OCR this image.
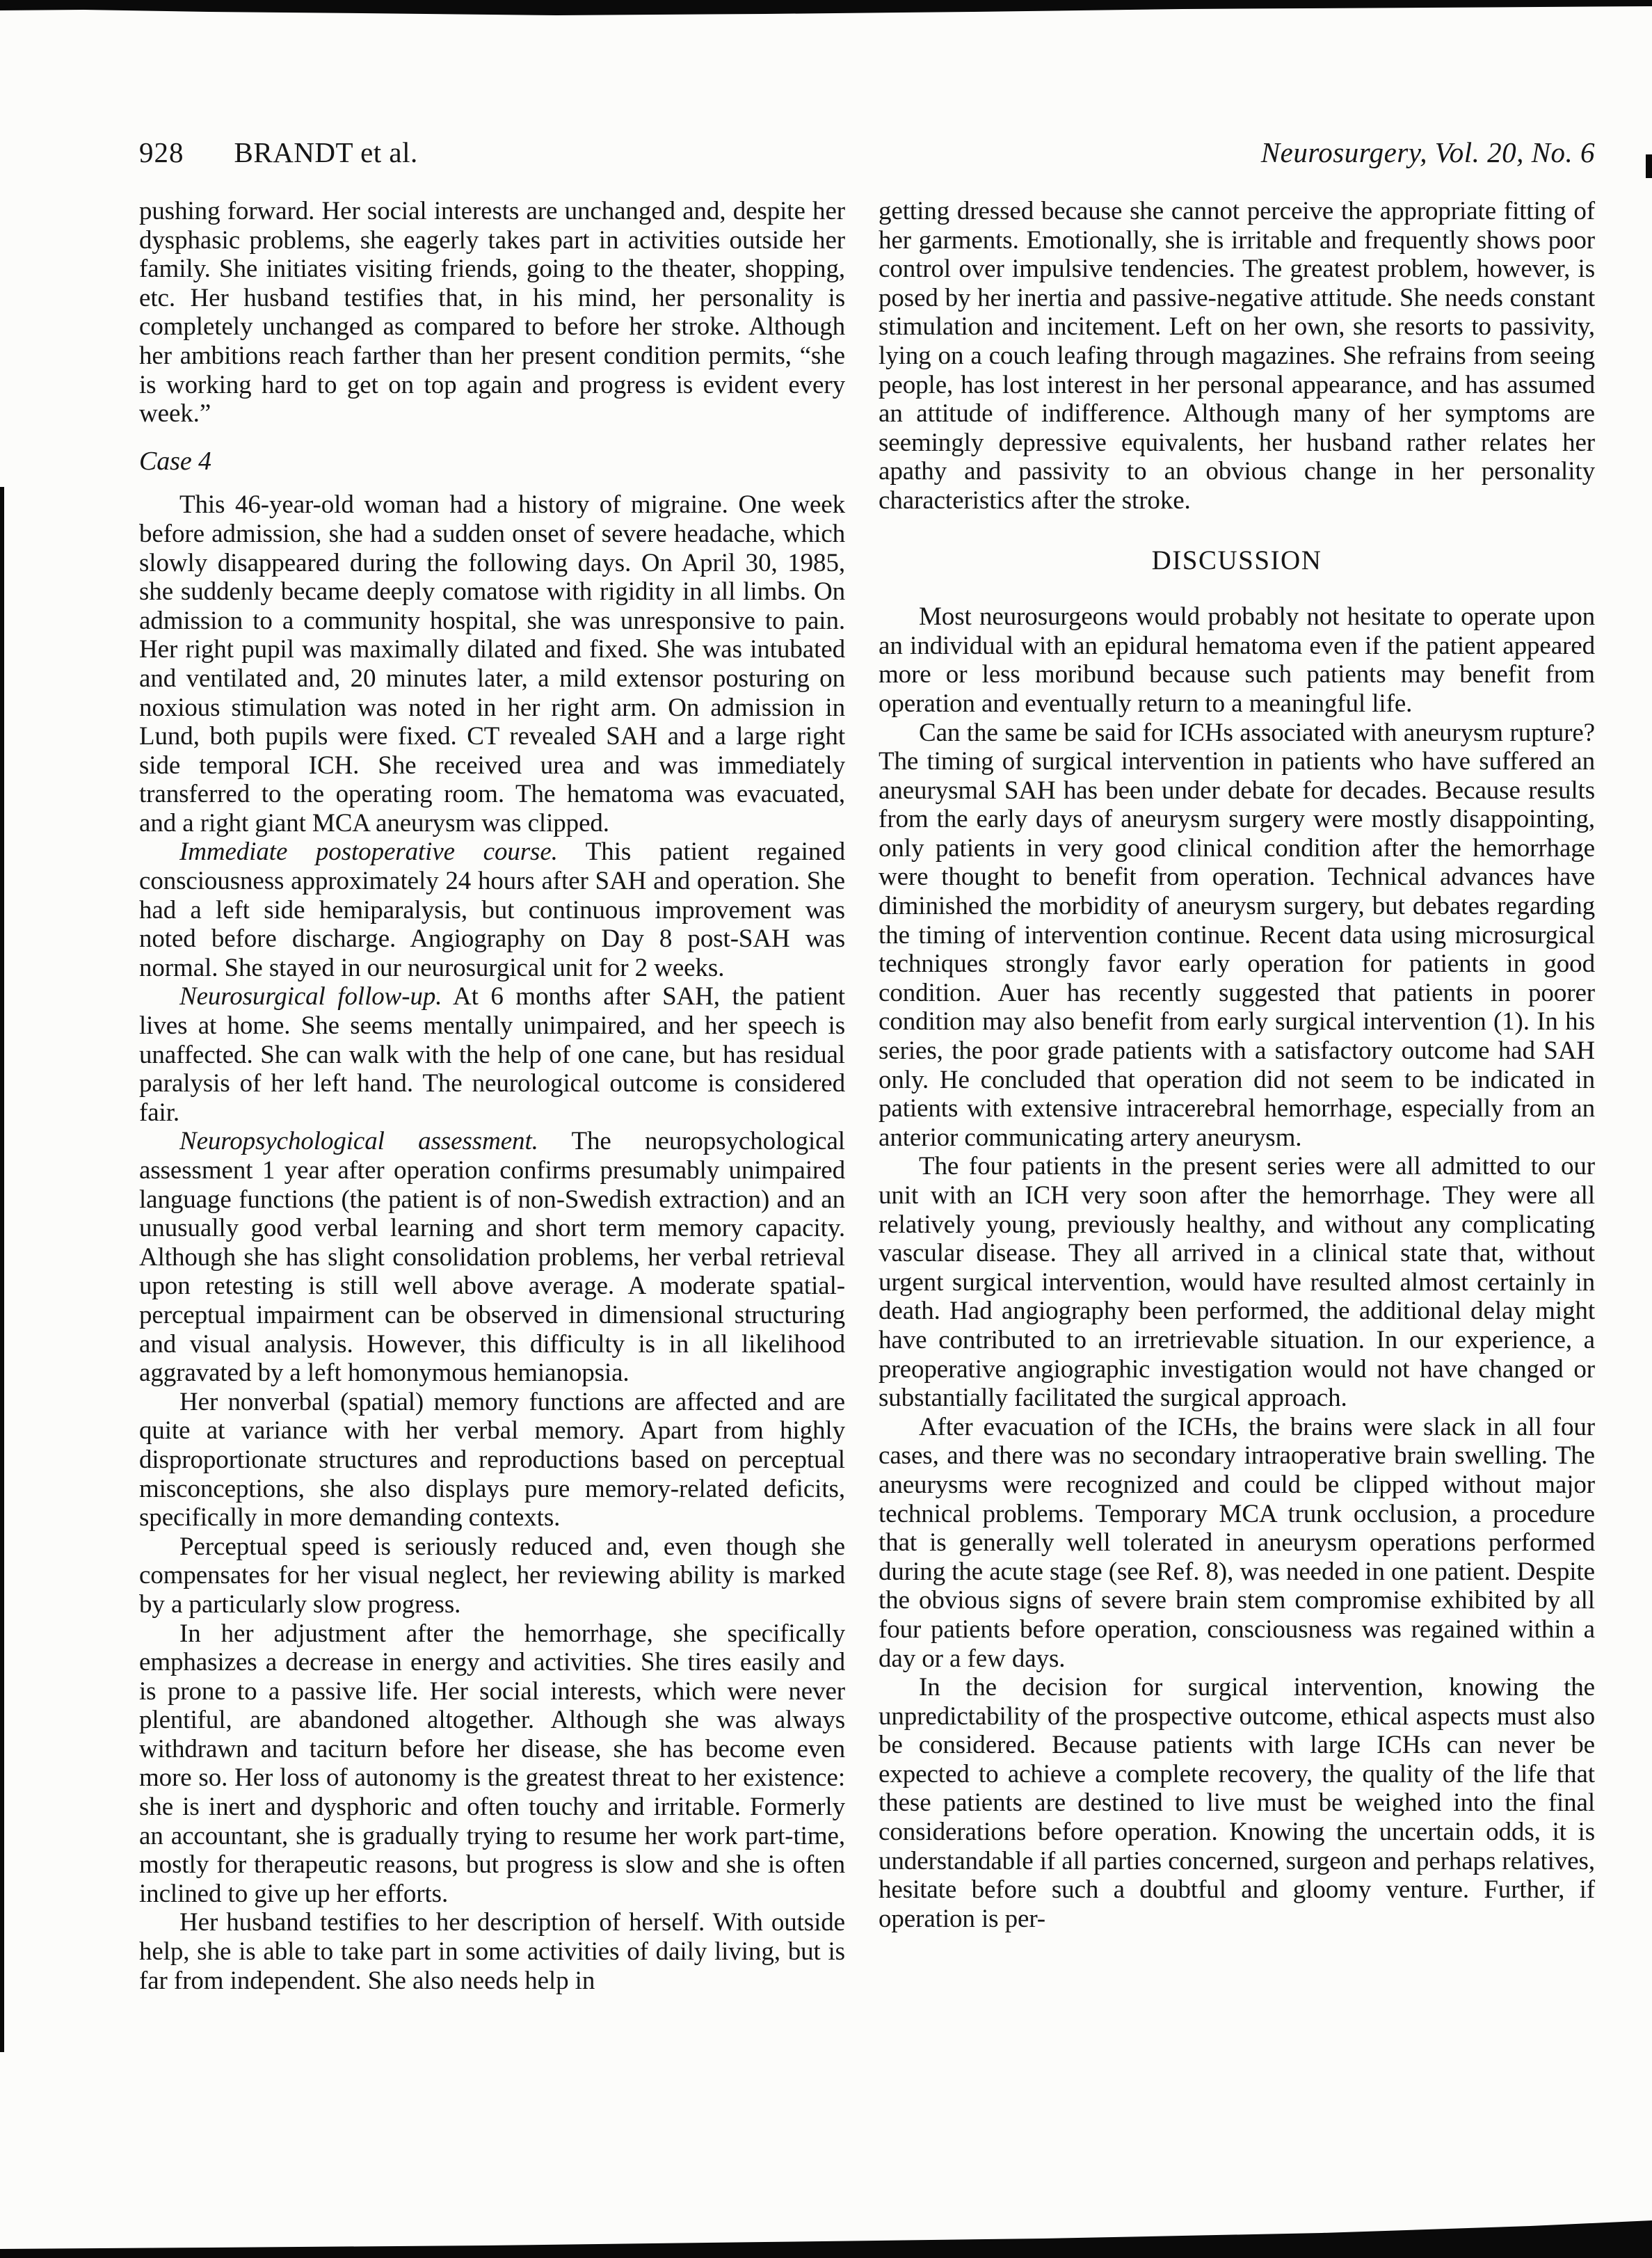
928 BRANDT et al.	Neurosurgery, Vol. 20, No. 6

pushing forward. Her social interests are unchanged and, despite her dysphasic problems, she eagerly takes part in activities outside her family. She initiates visiting friends, going to the theater, shopping, etc. Her husband testifies that, in his mind, her personality is completely unchanged as compared to before her stroke. Although her ambitions reach farther than her present condition permits, “she is working hard to get on top again and progress is evident every week.”

Case 4

This 46-year-old woman had a history of migraine. One week before admission, she had a sudden onset of severe headache, which slowly disappeared during the following days. On April 30, 1985, she suddenly became deeply comatose with rigidity in all limbs. On admission to a community hospital, she was unresponsive to pain. Her right pupil was maximally dilated and fixed. She was intubated and ventilated and, 20 minutes later, a mild extensor posturing on noxious stimulation was noted in her right arm. On admission in Lund, both pupils were fixed. CT revealed SAH and a large right side temporal ICH. She received urea and was immediately transferred to the operating room. The hematoma was evacuated, and a right giant MCA aneurysm was clipped.

Immediate postoperative course. This patient regained consciousness approximately 24 hours after SAH and operation. She had a left side hemiparalysis, but continuous improvement was noted before discharge. Angiography on Day 8 post-SAH was normal. She stayed in our neurosurgical unit for 2 weeks.

Neurosurgical follow-up. At 6 months after SAH, the patient lives at home. She seems mentally unimpaired, and her speech is unaffected. She can walk with the help of one cane, but has residual paralysis of her left hand. The neurological outcome is considered fair.

Neuropsychological assessment. The neuropsychological assessment 1 year after operation confirms presumably unimpaired language functions (the patient is of non-Swedish extraction) and an unusually good verbal learning and short term memory capacity. Although she has slight consolidation problems, her verbal retrieval upon retesting is still well above average. A moderate spatial-perceptual impairment can be observed in dimensional structuring and visual analysis. However, this difficulty is in all likelihood aggravated by a left homonymous hemianopsia.

Her nonverbal (spatial) memory functions are affected and are quite at variance with her verbal memory. Apart from highly disproportionate structures and reproductions based on perceptual misconceptions, she also displays pure memory-related deficits, specifically in more demanding contexts.

Perceptual speed is seriously reduced and, even though she compensates for her visual neglect, her reviewing ability is marked by a particularly slow progress.

In her adjustment after the hemorrhage, she specifically emphasizes a decrease in energy and activities. She tires easily and is prone to a passive life. Her social interests, which were never plentiful, are abandoned altogether. Although she was always withdrawn and taciturn before her disease, she has become even more so. Her loss of autonomy is the greatest threat to her existence: she is inert and dysphoric and often touchy and irritable. Formerly an accountant, she is gradually trying to resume her work part-time, mostly for therapeutic reasons, but progress is slow and she is often inclined to give up her efforts.

Her husband testifies to her description of herself. With outside help, she is able to take part in some activities of daily living, but is far from independent. She also needs help in

getting dressed because she cannot perceive the appropriate fitting of her garments. Emotionally, she is irritable and frequently shows poor control over impulsive tendencies. The greatest problem, however, is posed by her inertia and passive-negative attitude. She needs constant stimulation and incitement. Left on her own, she resorts to passivity, lying on a couch leafing through magazines. She refrains from seeing people, has lost interest in her personal appearance, and has assumed an attitude of indifference. Although many of her symptoms are seemingly depressive equivalents, her husband rather relates her apathy and passivity to an obvious change in her personality characteristics after the stroke.

DISCUSSION

Most neurosurgeons would probably not hesitate to operate upon an individual with an epidural hematoma even if the patient appeared more or less moribund because such patients may benefit from operation and eventually return to a meaningful life.

Can the same be said for ICHs associated with aneurysm rupture? The timing of surgical intervention in patients who have suffered an aneurysmal SAH has been under debate for decades. Because results from the early days of aneurysm surgery were mostly disappointing, only patients in very good clinical condition after the hemorrhage were thought to benefit from operation. Technical advances have diminished the morbidity of aneurysm surgery, but debates regarding the timing of intervention continue. Recent data using microsurgical techniques strongly favor early operation for patients in good condition. Auer has recently suggested that patients in poorer condition may also benefit from early surgical intervention (1). In his series, the poor grade patients with a satisfactory outcome had SAH only. He concluded that operation did not seem to be indicated in patients with extensive intracerebral hemorrhage, especially from an anterior communicating artery aneurysm.

The four patients in the present series were all admitted to our unit with an ICH very soon after the hemorrhage. They were all relatively young, previously healthy, and without any complicating vascular disease. They all arrived in a clinical state that, without urgent surgical intervention, would have resulted almost certainly in death. Had angiography been performed, the additional delay might have contributed to an irretrievable situation. In our experience, a preoperative angiographic investigation would not have changed or substantially facilitated the surgical approach.

After evacuation of the ICHs, the brains were slack in all four cases, and there was no secondary intraoperative brain swelling. The aneurysms were recognized and could be clipped without major technical problems. Temporary MCA trunk occlusion, a procedure that is generally well tolerated in aneurysm operations performed during the acute stage (see Ref. 8), was needed in one patient. Despite the obvious signs of severe brain stem compromise exhibited by all four patients before operation, consciousness was regained within a day or a few days.

In the decision for surgical intervention, knowing the unpredictability of the prospective outcome, ethical aspects must also be considered. Because patients with large ICHs can never be expected to achieve a complete recovery, the quality of the life that these patients are destined to live must be weighed into the final considerations before operation. Knowing the uncertain odds, it is understandable if all parties concerned, surgeon and perhaps relatives, hesitate before such a doubtful and gloomy venture. Further, if operation is per-
